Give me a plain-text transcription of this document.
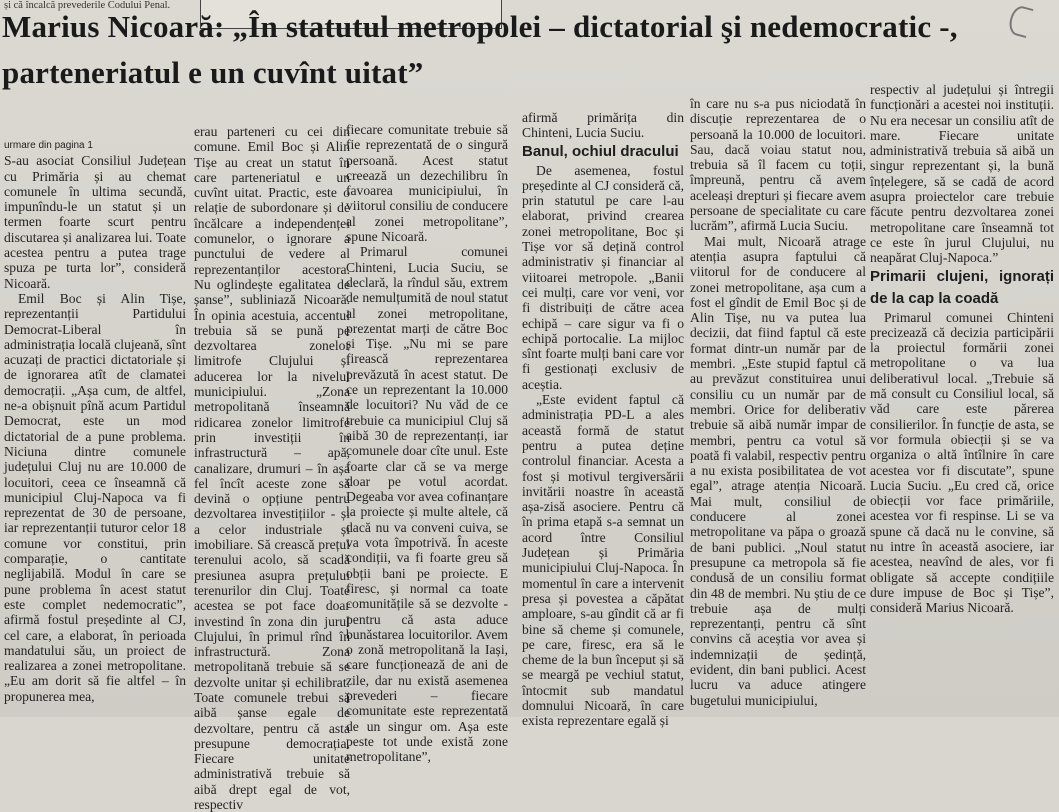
și că încalcă prevederile Codului Penal.
Marius Nicoară: „În statutul metropolei – dictatorial şi nedemocratic -,
parteneriatul e un cuvînt uitat”

urmare din pagina 1

S-au asociat Consiliul Județean cu Primăria și au chemat comunele în ultima secundă, impunîndu-le un statut și un termen foarte scurt pentru discutarea și analizarea lui. Toate acestea pentru a putea trage spuza pe turta lor”, consideră Nicoară.

Emil Boc și Alin Tișe, reprezentanții Partidului Democrat-Liberal în administrația locală clujeană, sînt acuzați de practici dictatoriale și de ignorarea atît de clamatei democrații. „Așa cum, de altfel, ne-a obișnuit pînă acum Partidul Democrat, este un mod dictatorial de a pune problema. Niciuna dintre comunele județului Cluj nu are 10.000 de locuitori, ceea ce înseamnă că municipiul Cluj-Napoca va fi reprezentat de 30 de persoane, iar reprezentanții tuturor celor 18 comune vor constitui, prin comparație, o cantitate neglijabilă. Modul în care se pune problema în acest statut este complet nedemocratic”, afirmă fostul președinte al CJ, cel care, a elaborat, în perioada mandatului său, un proiect de realizarea a zonei metropolitane. „Eu am dorit să fie altfel – în propunerea mea,

erau parteneri cu cei din comune. Emil Boc și Alin Tișe au creat un statut în care parteneriatul e un cuvînt uitat. Practic, este o relație de subordonare și de încălcare a independenței comunelor, o ignorare a punctului de vedere al reprezentanților acestora. Nu oglindește egalitatea de șanse”, subliniază Nicoară. În opinia acestuia, accentul trebuia să se pună pe dezvoltarea zonelor limitrofe Clujului și aducerea lor la nivelul municipiului. „Zona metropolitană înseamnă ridicarea zonelor limitrofe prin investiții în infrastructură – apă, canalizare, drumuri – în așa fel încît aceste zone să devină o opțiune pentru dezvoltarea investițiilor - și a celor industriale și imobiliare. Să crească prețul terenului acolo, să scadă presiunea asupra prețului terenurilor din Cluj. Toate acestea se pot face doar investind în zona din jurul Clujului, în primul rînd în infrastructură. Zona metropolitană trebuie să se dezvolte unitar și echilibrat. Toate comunele trebui să aibă șanse egale de dezvoltare, pentru că asta presupune democrația. Fiecare unitate administrativă trebuie să aibă drept egal de vot, respectiv

fiecare comunitate trebuie să fie reprezentată de o singură persoană. Acest statut creează un dezechilibru în favoarea municipiului, în viitorul consiliu de conducere al zonei metropolitane”, spune Nicoară.

Primarul comunei Chinteni, Lucia Suciu, se declară, la rîndul său, extrem de nemulțumită de noul statut al zonei metropolitane, prezentat marți de către Boc și Tișe. „Nu mi se pare firească reprezentarea prevăzută în acest statut. De ce un reprezentant la 10.000 de locuitori? Nu văd de ce trebuie ca municipiul Cluj să aibă 30 de reprezentanți, iar comunele doar cîte unul. Este foarte clar că se va merge doar pe votul acordat. Degeaba vor avea cofinanțare la proiecte și multe altele, că dacă nu va conveni cuiva, se va vota împotrivă. În aceste condiții, va fi foarte greu să obții bani pe proiecte. E firesc, și normal ca toate comunitățile să se dezvolte - pentru că asta aduce bunăstarea locuitorilor. Avem o zonă metropolitană la Iași, care funcționează de ani de zile, dar nu există asemenea prevederi – fiecare comunitate este reprezentată de un singur om. Așa este peste tot unde există zone metropolitane”,

afirmă primărița din Chinteni, Lucia Suciu.

Banul, ochiul dracului

De asemenea, fostul președinte al CJ consideră că, prin statutul pe care l-au elaborat, privind crearea zonei metropolitane, Boc și Tișe vor să dețină control administrativ și financiar al viitoarei metropole. „Banii cei mulți, care vor veni, vor fi distribuiți de către acea echipă – care sigur va fi o echipă portocalie. La mijloc sînt foarte mulți bani care vor fi gestionați exclusiv de aceștia.

„Este evident faptul că administrația PD-L a ales această formă de statut pentru a putea deține controlul financiar. Acesta a fost și motivul tergiversării invitării noastre în această așa-zisă asociere. Pentru că în prima etapă s-a semnat un acord între Consiliul Județean și Primăria municipiului Cluj-Napoca. În momentul în care a intervenit presa și povestea a căpătat amploare, s-au gîndit că ar fi bine să cheme și comunele, pe care, firesc, era să le cheme de la bun început și să se meargă pe vechiul statut, întocmit sub mandatul domnului Nicoară, în care exista reprezentare egală și

în care nu s-a pus niciodată în discuție reprezentarea de o persoană la 10.000 de locuitori. Sau, dacă voiau statut nou, trebuia să îl facem cu toții, împreună, pentru că avem aceleași drepturi și fiecare avem persoane de specialitate cu care lucrăm”, afirmă Lucia Suciu.

Mai mult, Nicoară atrage atenția asupra faptului că viitorul for de conducere al zonei metropolitane, așa cum a fost el gîndit de Emil Boc și de Alin Tișe, nu va putea lua decizii, dat fiind faptul că este format dintr-un număr par de membri. „Este stupid faptul că au prevăzut constituirea unui consiliu cu un număr par de membri. Orice for deliberativ trebuie să aibă număr impar de membri, pentru ca votul să poată fi valabil, respectiv pentru a nu exista posibilitatea de vot egal”, atrage atenția Nicoară. Mai mult, consiliul de conducere al zonei metropolitane va păpa o groază de bani publici. „Noul statut presupune ca metropola să fie condusă de un consiliu format din 48 de membri. Nu știu de ce trebuie așa de mulți reprezentanți, pentru că sînt convins că aceștia vor avea și indemnizații de ședință, evident, din bani publici. Acest lucru va aduce atingere bugetului municipiului,

respectiv al județului și întregii funcționări a acestei noi instituții. Nu era necesar un consiliu atît de mare. Fiecare unitate administrativă trebuia să aibă un singur reprezentant și, la bună înțelegere, să se cadă de acord asupra proiectelor care trebuie făcute pentru dezvoltarea zonei metropolitane care înseamnă tot ce este în jurul Clujului, nu neapărat Cluj-Napoca.”

Primarii clujeni, ignorați de la cap la coadă

Primarul comunei Chinteni precizează că decizia participării la proiectul formării zonei metropolitane o va lua deliberativul local. „Trebuie să mă consult cu Consiliul local, să văd care este părerea consilierilor. În funcție de asta, se vor formula obiecții și se va organiza o altă întîlnire în care acestea vor fi discutate”, spune Lucia Suciu. „Eu cred că, orice obiecții vor face primăriile, acestea vor fi respinse. Li se va spune că dacă nu le convine, să nu intre în această asociere, iar acestea, neavînd de ales, vor fi obligate să accepte condițiile dure impuse de Boc și Tișe”, consideră Marius Nicoară.
